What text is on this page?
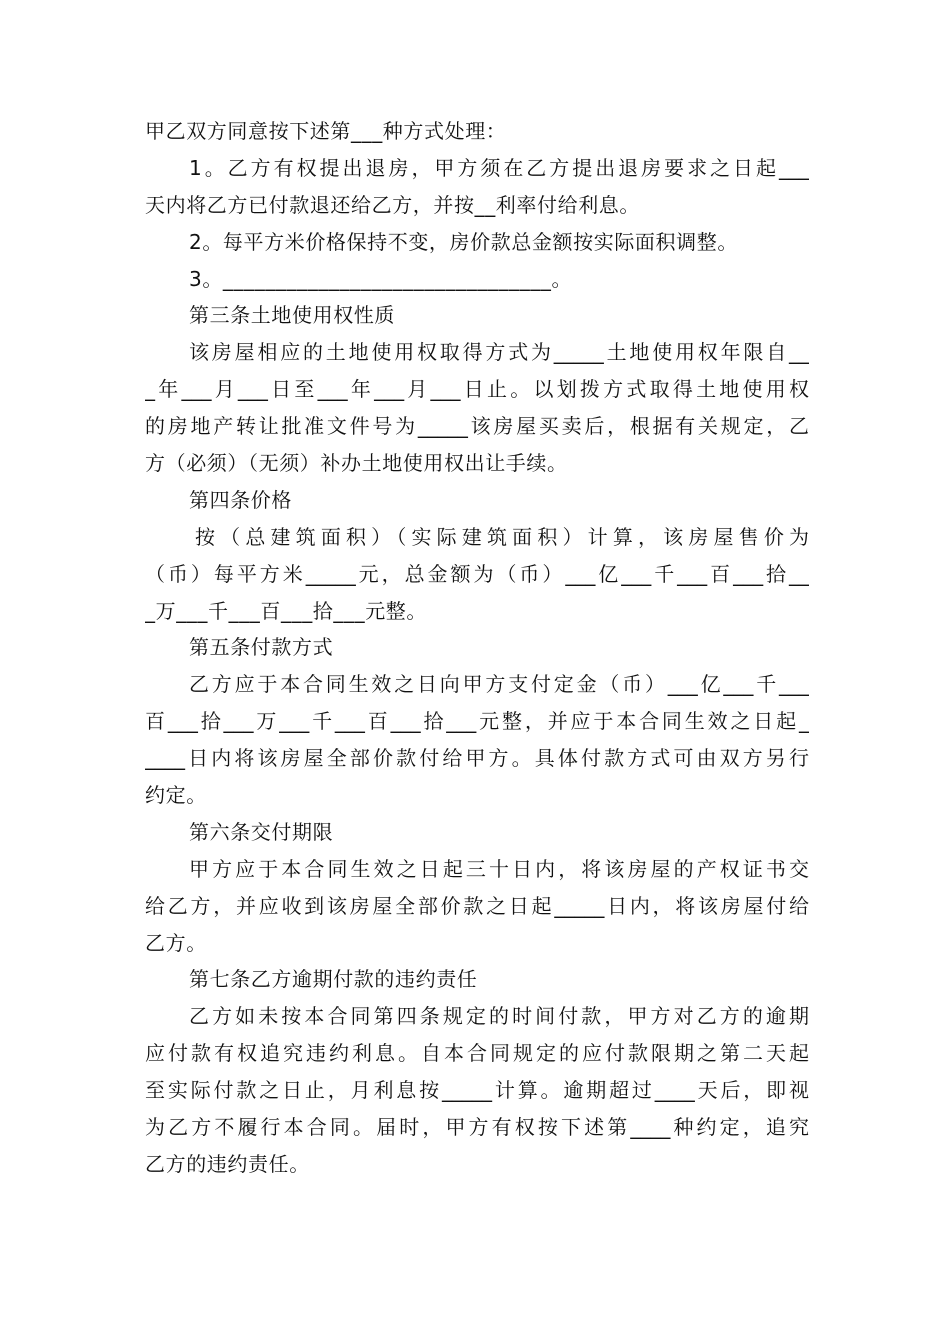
甲乙双方同意按下述第___种方式处理：
1。乙方有权提出退房，甲方须在乙方提出退房要求之日起___
天内将乙方已付款退还给乙方，并按__利率付给利息。
2。每平方米价格保持不变，房价款总金额按实际面积调整。
3。_______________________________。
第三条土地使用权性质
该房屋相应的土地使用权取得方式为_____土地使用权年限自__
_年___月___日至___年___月___日止。以划拨方式取得土地使用权
的房地产转让批准文件号为_____该房屋买卖后，根据有关规定，乙
方（必须）（无须）补办土地使用权出让手续。
第四条价格
按（总建筑面积）（实际建筑面积）计算，该房屋售价为
（币）每平方米_____元，总金额为（币）___亿___千___百___拾__
_万___千___百___拾___元整。
第五条付款方式
乙方应于本合同生效之日向甲方支付定金（币）___亿___千___
百___拾___万___千___百___拾___元整，并应于本合同生效之日起_
____日内将该房屋全部价款付给甲方。具体付款方式可由双方另行
约定。
第六条交付期限
甲方应于本合同生效之日起三十日内，将该房屋的产权证书交
给乙方，并应收到该房屋全部价款之日起_____日内，将该房屋付给
乙方。
第七条乙方逾期付款的违约责任
乙方如未按本合同第四条规定的时间付款，甲方对乙方的逾期
应付款有权追究违约利息。自本合同规定的应付款限期之第二天起
至实际付款之日止，月利息按_____计算。逾期超过____天后，即视
为乙方不履行本合同。届时，甲方有权按下述第____种约定，追究
乙方的违约责任。
